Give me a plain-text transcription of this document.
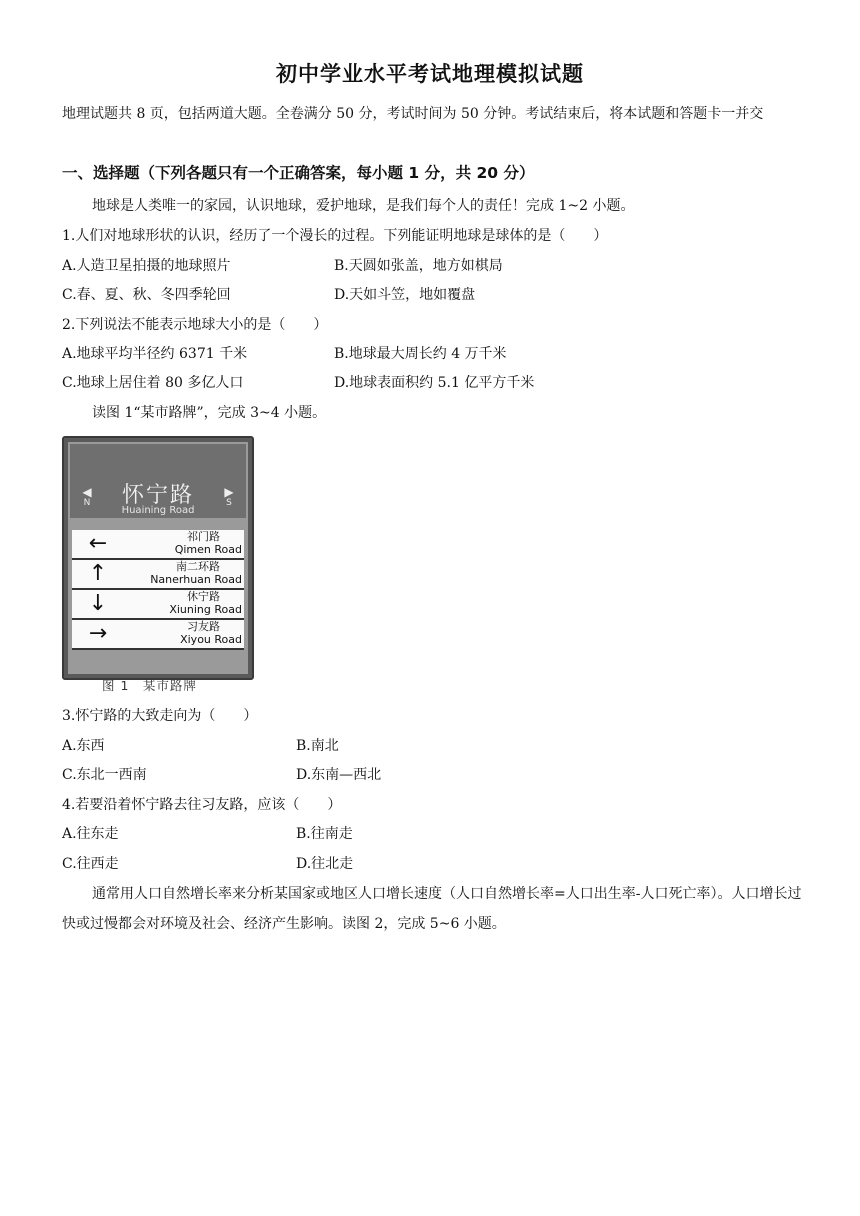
初中学业水平考试地理模拟试题
地理试题共 8 页，包括两道大题。全卷满分 50 分，考试时间为 50 分钟。考试结束后，将本试题和答题卡一并交
一、选择题（下列各题只有一个正确答案，每小题 1 分，共 20 分）
地球是人类唯一的家园，认识地球，爱护地球，是我们每个人的责任！完成 1~2 小题。
1.人们对地球形状的认识，经历了一个漫长的过程。下列能证明地球是球体的是（　　）
A.人造卫星拍摄的地球照片	B.天圆如张盖，地方如棋局
C.春、夏、秋、冬四季轮回	D.天如斗笠，地如覆盘
2.下列说法不能表示地球大小的是（　　）
A.地球平均半径约 6371 千米	B.地球最大周长约 4 万千米
C.地球上居住着 80 多亿人口	D.地球表面积约 5.1 亿平方千米
读图 1“某市路牌”，完成 3~4 小题。
◀
N
▶
S
怀宁路
Huaining Road
←	祁门路
Qimen Road
↑	南二环路
Nanerhuan Road
↓	休宁路
Xiuning Road
→	习友路
Xiyou Road
图 1　某市路牌
3.怀宁路的大致走向为（　　）
A.东西	B.南北
C.东北一西南	D.东南—西北
4.若要沿着怀宁路去往习友路，应该（　　）
A.往东走	B.往南走
C.往西走	D.往北走
通常用人口自然增长率来分析某国家或地区人口增长速度（人口自然增长率=人口出生率-人口死亡率）。人口增长过快或过慢都会对环境及社会、经济产生影响。读图 2，完成 5~6 小题。
